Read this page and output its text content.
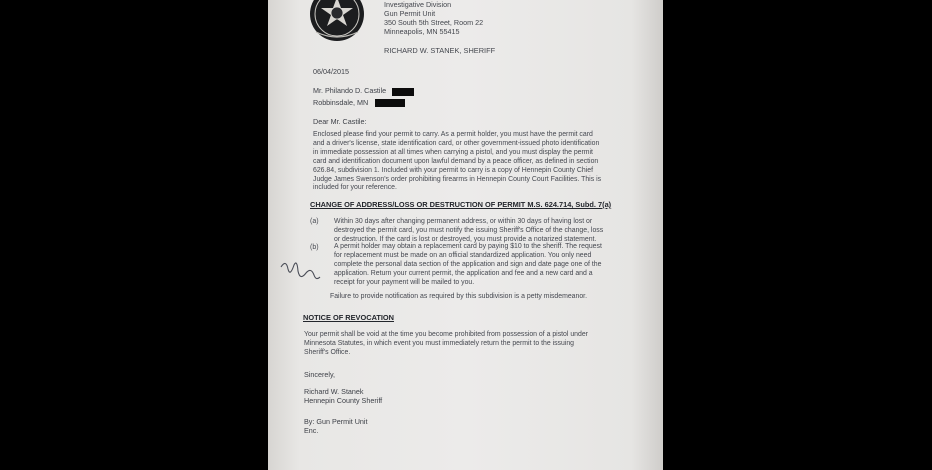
Investigative Division
Gun Permit Unit
350 South 5th Street, Room 22
Minneapolis, MN 55415
RICHARD W. STANEK, SHERIFF
06/04/2015
Mr. Philando D. Castile
Robbinsdale, MN
Dear Mr. Castile:
Enclosed please find your permit to carry. As a permit holder, you must have the permit card
and a driver's license, state identification card, or other government-issued photo identification
in immediate possession at all times when carrying a pistol, and you must display the permit
card and identification document upon lawful demand by a peace officer, as defined in section
626.84, subdivision 1. Included with your permit to carry is a copy of Hennepin County Chief
Judge James Swenson's order prohibiting firearms in Hennepin County Court Facilities. This is
included for your reference.
CHANGE OF ADDRESS/LOSS OR DESTRUCTION OF PERMIT M.S. 624.714, Subd. 7(a)
(a) Within 30 days after changing permanent address, or within 30 days of having lost or
destroyed the permit card, you must notify the issuing Sheriff's Office of the change, loss
or destruction. If the card is lost or destroyed, you must provide a notarized statement.
(b) A permit holder may obtain a replacement card by paying $10 to the sheriff. The request
for replacement must be made on an official standardized application. You only need
complete the personal data section of the application and sign and date page one of the
application. Return your current permit, the application and fee and a new card and a
receipt for your payment will be mailed to you.
Failure to provide notification as required by this subdivision is a petty misdemeanor.
NOTICE OF REVOCATION
Your permit shall be void at the time you become prohibited from possession of a pistol under
Minnesota Statutes, in which event you must immediately return the permit to the issuing
Sheriff's Office.
Sincerely,
Richard W. Stanek
Hennepin County Sheriff
By: Gun Permit Unit
Enc.
